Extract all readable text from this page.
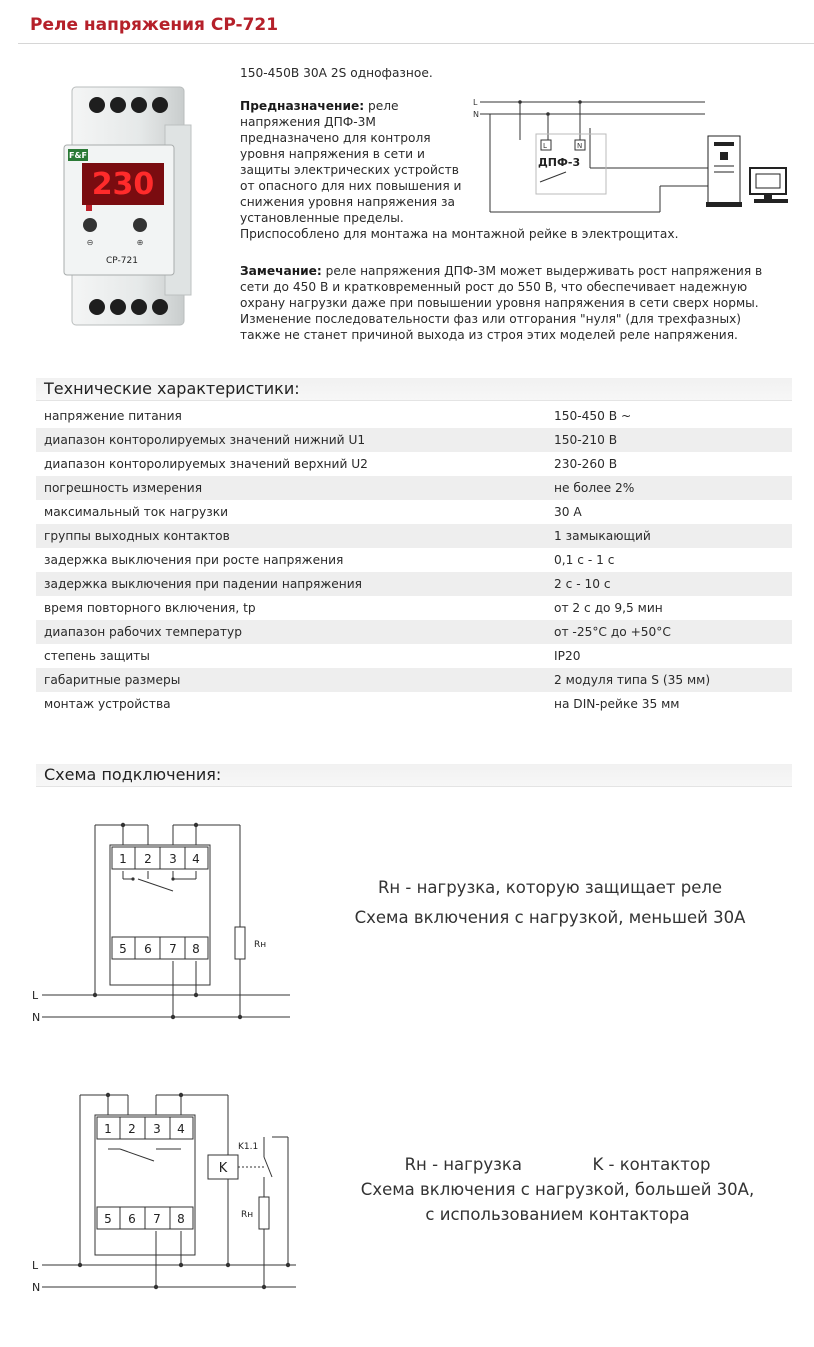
Реле напряжения CP-721
F&F
230
⊖	⊕
CP-721
150-450В 30А 2S однофазное.
Предназначение: реле
напряжения ДПФ-3М
предназначено для контроля
уровня напряжения в сети и
защиты электрических устройств
от опасного для них повышения и
снижения уровня напряжения за
установленные пределы.
Приспособлено для монтажа на монтажной рейке в электрощитах.
Замечание: реле напряжения ДПФ-3М может выдерживать рост напряжения в
сети до 450 В и кратковременный рост до 550 В, что обеспечивает надежную
охрану нагрузки даже при повышении уровня напряжения в сети сверх нормы.
Изменение последовательности фаз или отгорания "нуля" (для трехфазных)
также не станет причиной выхода из строя этих моделей реле напряжения.
L
N
L	N
ДПФ-3
Технические характеристики:
напряжение питания	150-450 В ~
диапазон конторолируемых значений нижний U1	150-210 В
диапазон конторолируемых значений верхний U2	230-260 В
погрешность измерения	не более 2%
максимальный ток нагрузки	30 А
группы выходных контактов	1 замыкающий
задержка выключения при росте напряжения	0,1 с - 1 с
задержка выключения при падении напряжения	2 с - 10 с
время повторного включения, tp	от 2 с до 9,5 мин
диапазон рабочих температур	от -25°С до +50°С
степень защиты	IP20
габаритные размеры	2 модуля типа S (35 мм)
монтаж устройства	на DIN-рейке 35 мм
Схема подключения:
1 2 3 4
5 6 7 8	Rн
L
N
Rн - нагрузка, которую защищает реле
Схема включения с нагрузкой, меньшей 30А
1 2 3 4
5 6 7 8
K
K1.1
Rн
L
N
Rн - нагрузка	K - контактор
Схема включения с нагрузкой, большей 30А,
с использованием контактора
